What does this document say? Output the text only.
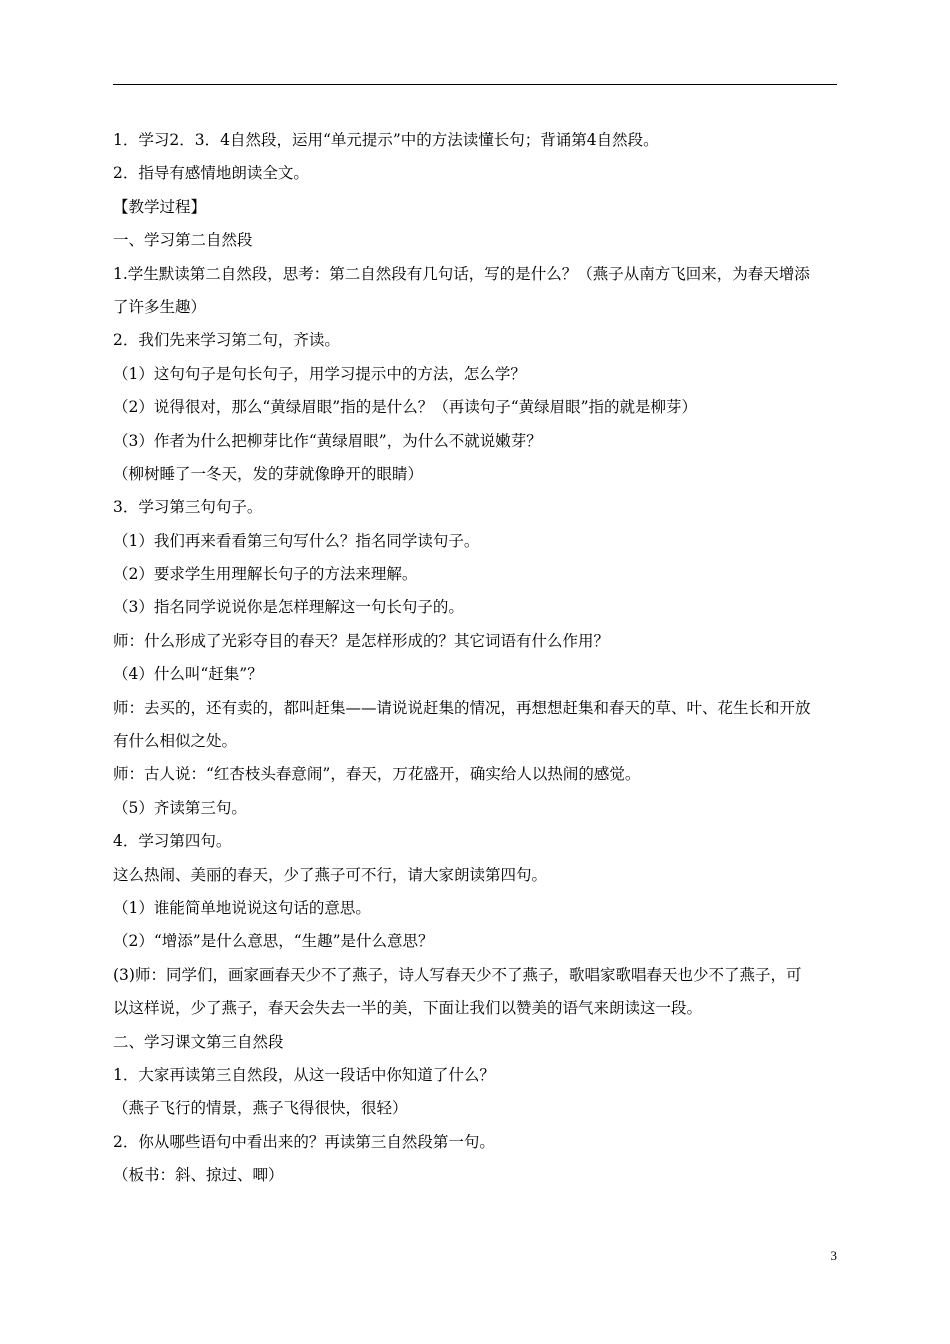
1．学习2．3．4自然段，运用“单元提示”中的方法读懂长句；背诵第4自然段。
2．指导有感情地朗读全文。
【教学过程】
一、学习第二自然段
1.学生默读第二自然段，思考：第二自然段有几句话，写的是什么？（燕子从南方飞回来，为春天增添
了许多生趣）
2．我们先来学习第二句，齐读。
（1）这句句子是句长句子，用学习提示中的方法，怎么学？
（2）说得很对，那么“黄绿眉眼”指的是什么？（再读句子“黄绿眉眼”指的就是柳芽）
（3）作者为什么把柳芽比作“黄绿眉眼”，为什么不就说嫩芽？
（柳树睡了一冬天，发的芽就像睁开的眼睛）
3．学习第三句句子。
（1）我们再来看看第三句写什么？指名同学读句子。
（2）要求学生用理解长句子的方法来理解。
（3）指名同学说说你是怎样理解这一句长句子的。
师：什么形成了光彩夺目的春天？是怎样形成的？其它词语有什么作用？
（4）什么叫“赶集”？
师：去买的，还有卖的，都叫赶集——请说说赶集的情况，再想想赶集和春天的草、叶、花生长和开放
有什么相似之处。
师：古人说：“红杏枝头春意闹”，春天，万花盛开，确实给人以热闹的感觉。
（5）齐读第三句。
4．学习第四句。
这么热闹、美丽的春天，少了燕子可不行，请大家朗读第四句。
（1）谁能简单地说说这句话的意思。
（2）“增添”是什么意思，“生趣”是什么意思？
(3)师：同学们，画家画春天少不了燕子，诗人写春天少不了燕子，歌唱家歌唱春天也少不了燕子，可
以这样说，少了燕子，春天会失去一半的美，下面让我们以赞美的语气来朗读这一段。
二、学习课文第三自然段
1．大家再读第三自然段，从这一段话中你知道了什么？
（燕子飞行的情景，燕子飞得很快，很轻）
2．你从哪些语句中看出来的？再读第三自然段第一句。
（板书：斜、掠过、唧）
3
